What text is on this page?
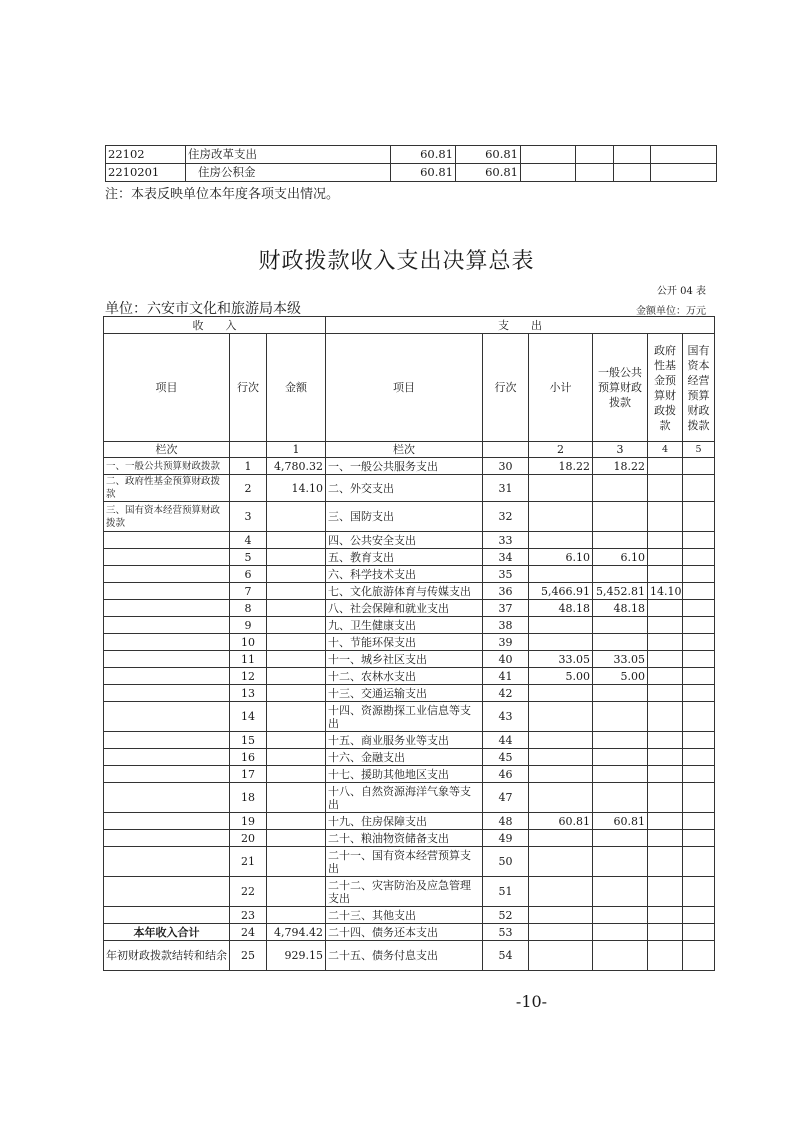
22102	住房改革支出	60.81	60.81				
2210201	住房公积金	60.81	60.81				
注：本表反映单位本年度各项支出情况。
财政拨款收入支出决算总表
公开 04 表
单位：六安市文化和旅游局本级	金额单位：万元
收　　入			支　　出					
项目	行次	金额	项目	行次	小计	一般公共预算财政拨款	政府性基金预算财政拨款	国有资本经营预算财政拨款
栏次		1	栏次		2	3	4	5
一、一般公共预算财政拨款	1	4,780.32	一、一般公共服务支出	30	18.22	18.22		
二、政府性基金预算财政拨款	2	14.10	二、外交支出	31				
三、国有资本经营预算财政拨款	3		三、国防支出	32				
	4		四、公共安全支出	33				
	5		五、教育支出	34	6.10	6.10		
	6		六、科学技术支出	35				
	7		七、文化旅游体育与传媒支出	36	5,466.91	5,452.81	14.10	
	8		八、社会保障和就业支出	37	48.18	48.18		
	9		九、卫生健康支出	38				
	10		十、节能环保支出	39				
	11		十一、城乡社区支出	40	33.05	33.05		
	12		十二、农林水支出	41	5.00	5.00		
	13		十三、交通运输支出	42				
	14		十四、资源勘探工业信息等支出	43				
	15		十五、商业服务业等支出	44				
	16		十六、金融支出	45				
	17		十七、援助其他地区支出	46				
	18		十八、自然资源海洋气象等支出	47				
	19		十九、住房保障支出	48	60.81	60.81		
	20		二十、粮油物资储备支出	49				
	21		二十一、国有资本经营预算支出	50				
	22		二十二、灾害防治及应急管理支出	51				
	23		二十三、其他支出	52				
本年收入合计	24	4,794.42	二十四、债务还本支出	53				
年初财政拨款结转和结余	25	929.15	二十五、债务付息支出	54				
-10-
